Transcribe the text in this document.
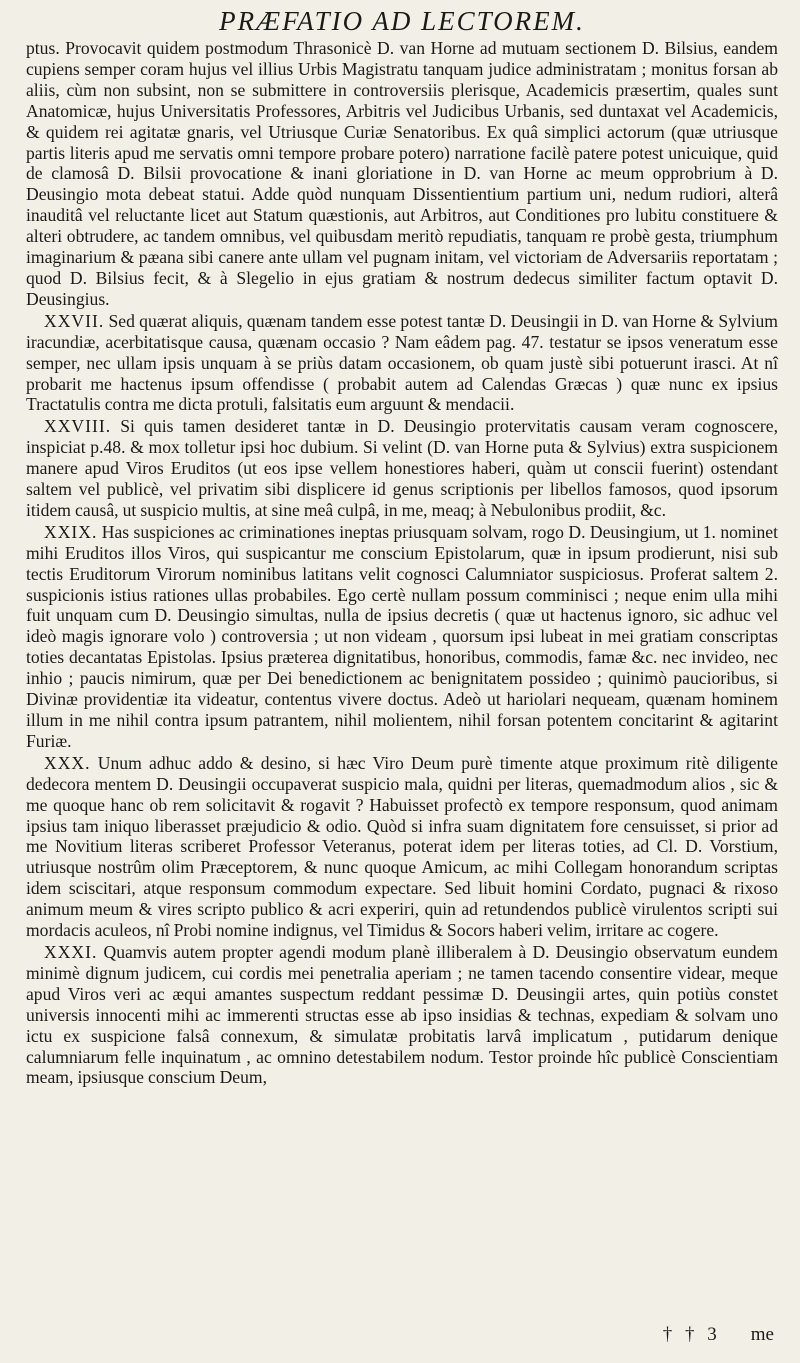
PRÆFATIO AD LECTOREM.

ptus. Provocavit quidem postmodum Thrasonicè D. van Horne ad mutuam sectionem D. Bilsius, eandem cupiens semper coram hujus vel illius Urbis Magistratu tanquam judice administratam ; monitus forsan ab aliis, cùm non subsint, non se submittere in controversiis plerisque, Academicis præsertim, quales sunt Anatomicæ, hujus Universitatis Professores, Arbitris vel Judicibus Urbanis, sed duntaxat vel Academicis, & quidem rei agitatæ gnaris, vel Utriusque Curiæ Senatoribus. Ex quâ simplici actorum (quæ utriusque partis literis apud me servatis omni tempore probare potero) narratione facilè patere potest unicuique, quid de clamosâ D. Bilsii provocatione & inani gloriatione in D. van Horne ac meum opprobrium à D. Deusingio mota debeat statui. Adde quòd nunquam Dissentientium partium uni, nedum rudiori, alterâ inauditâ vel reluctante licet aut Statum quæstionis, aut Arbitros, aut Conditiones pro lubitu constituere & alteri obtrudere, ac tandem omnibus, vel quibusdam meritò repudiatis, tanquam re probè gesta, triumphum imaginarium & pæana sibi canere ante ullam vel pugnam initam, vel victoriam de Adversariis reportatam ; quod D. Bilsius fecit, & à Slegelio in ejus gratiam & nostrum dedecus similiter factum optavit D. Deusingius.

XXVII. Sed quærat aliquis, quænam tandem esse potest tantæ D. Deusingii in D. van Horne & Sylvium iracundiæ, acerbitatisque causa, quænam occasio ? Nam eâdem pag. 47. testatur se ipsos veneratum esse semper, nec ullam ipsis unquam à se priùs datam occasionem, ob quam justè sibi potuerunt irasci. At nî probarit me hactenus ipsum offendisse ( probabit autem ad Calendas Græcas ) quæ nunc ex ipsius Tractatulis contra me dicta protuli, falsitatis eum arguunt & mendacii.

XXVIII. Si quis tamen desideret tantæ in D. Deusingio protervitatis causam veram cognoscere, inspiciat p.48. & mox tolletur ipsi hoc dubium. Si velint (D. van Horne puta & Sylvius) extra suspicionem manere apud Viros Eruditos (ut eos ipse vellem honestiores haberi, quàm ut conscii fuerint) ostendant saltem vel publicè, vel privatim sibi displicere id genus scriptionis per libellos famosos, quod ipsorum itidem causâ, ut suspicio multis, at sine meâ culpâ, in me, meaq; à Nebulonibus prodiit, &c.

XXIX. Has suspiciones ac criminationes ineptas priusquam solvam, rogo D. Deusingium, ut 1. nominet mihi Eruditos illos Viros, qui suspicantur me conscium Epistolarum, quæ in ipsum prodierunt, nisi sub tectis Eruditorum Virorum nominibus latitans velit cognosci Calumniator suspiciosus. Proferat saltem 2. suspicionis istius rationes ullas probabiles. Ego certè nullam possum comminisci ; neque enim ulla mihi fuit unquam cum D. Deusingio simultas, nulla de ipsius decretis ( quæ ut hactenus ignoro, sic adhuc vel ideò magis ignorare volo ) controversia ; ut non videam , quorsum ipsi lubeat in mei gratiam conscriptas toties decantatas Epistolas. Ipsius præterea dignitatibus, honoribus, commodis, famæ &c. nec invideo, nec inhio ; paucis nimirum, quæ per Dei benedictionem ac benignitatem possideo ; quinimò paucioribus, si Divinæ providentiæ ita videatur, contentus vivere doctus. Adeò ut hariolari nequeam, quænam hominem illum in me nihil contra ipsum patrantem, nihil molientem, nihil forsan potentem concitarint & agitarint Furiæ.

XXX. Unum adhuc addo & desino, si hæc Viro Deum purè timente atque proximum ritè diligente dedecora mentem D. Deusingii occupaverat suspicio mala, quidni per literas, quemadmodum alios , sic & me quoque hanc ob rem solicitavit & rogavit ? Habuisset profectò ex tempore responsum, quod animam ipsius tam iniquo liberasset præjudicio & odio. Quòd si infra suam dignitatem fore censuisset, si prior ad me Novitium literas scriberet Professor Veteranus, poterat idem per literas toties, ad Cl. D. Vorstium, utriusque nostrûm olim Præceptorem, & nunc quoque Amicum, ac mihi Collegam honorandum scriptas idem sciscitari, atque responsum commodum expectare. Sed libuit homini Cordato, pugnaci & rixoso animum meum & vires scripto publico & acri experiri, quin ad retundendos publicè virulentos scripti sui mordacis aculeos, nî Probi nomine indignus, vel Timidus & Socors haberi velim, irritare ac cogere.

XXXI. Quamvis autem propter agendi modum planè illiberalem à D. Deusingio observatum eundem minimè dignum judicem, cui cordis mei penetralia aperiam ; ne tamen tacendo consentire videar, meque apud Viros veri ac æqui amantes suspectum reddant pessimæ D. Deusingii artes, quin potiùs constet universis innocenti mihi ac immerenti structas esse ab ipso insidias & technas, expediam & solvam uno ictu ex suspicione falsâ connexum, & simulatæ probitatis larvâ implicatum , putidarum denique calumniarum felle inquinatum , ac omnino detestabilem nodum. Testor proinde hîc publicè Conscientiam meam, ipsiusque conscium Deum,

† † 3 me
